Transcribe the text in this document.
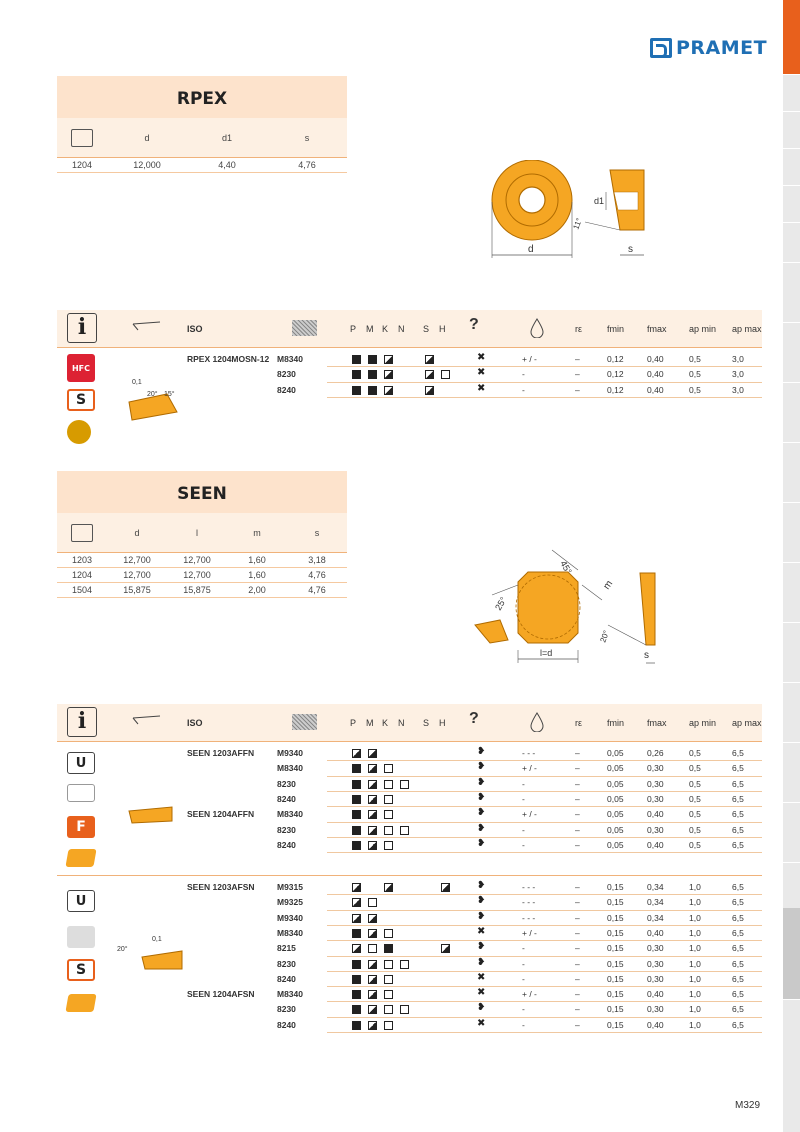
PRAMET
RPEX
d	d1	s
1204	12,000	4,40	4,76
d
d1
s
11°
i	ISO	P M K N S H ?	rε	fmin	fmax ap min ap max
RPEX 1204MOSN-12 M8340	✖	+ / -	–	0,12	0,40	0,5	3,0
8230	✖	-	–	0,12	0,40	0,5	3,0
8240	✖	-	–	0,12	0,40	0,5	3,0
HFC
S
0,1
20° 15°
SEEN
d	l	m	s
1203	12,700	12,700	1,60	3,18
1204	12,700	12,700	1,60	4,76
1504	15,875	15,875	2,00	4,76
l=d
45°
25°
m
s
20°
i	ISO	P M K N S H ?	rε	fmin	fmax ap min ap max
SEEN 1203AFFN	M9340	❥	- - -	–	0,05	0,26	0,5	6,5
M8340	❥	+ / -	–	0,05	0,30	0,5	6,5
8230	❥	-	–	0,05	0,30	0,5	6,5
8240	❥	-	–	0,05	0,30	0,5	6,5
SEEN 1204AFFN	M8340	❥	+ / -	–	0,05	0,40	0,5	6,5
8230	❥	-	–	0,05	0,30	0,5	6,5
8240	❥	-	–	0,05	0,40	0,5	6,5
SEEN 1203AFSN	M9315	❥	- - -	–	0,15	0,34	1,0	6,5
M9325	❥	- - -	–	0,15	0,34	1,0	6,5
M9340	❥	- - -	–	0,15	0,34	1,0	6,5
M8340	✖	+ / -	–	0,15	0,40	1,0	6,5
8215	❥	-	–	0,15	0,30	1,0	6,5
8230	❥	-	–	0,15	0,30	1,0	6,5
8240	✖	-	–	0,15	0,30	1,0	6,5
SEEN 1204AFSN	M8340	✖	+ / -	–	0,15	0,40	1,0	6,5
8230	❥	-	–	0,15	0,30	1,0	6,5
8240	✖	-	–	0,15	0,40	1,0	6,5
U
F
U
S
0,1
20°
M329
